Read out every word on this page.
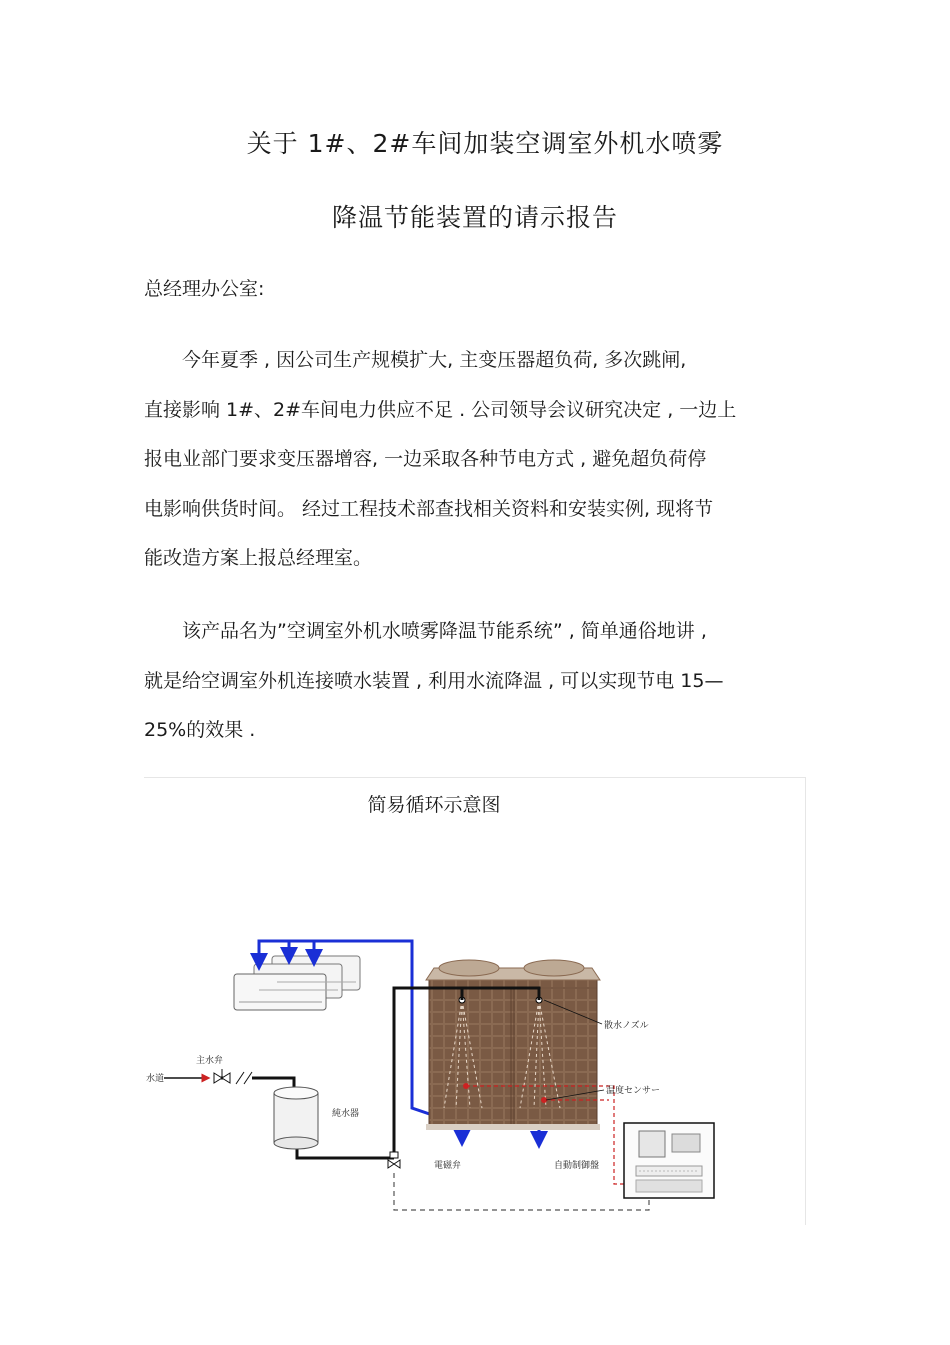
关于 1#、2#车间加装空调室外机水喷雾
降温节能装置的请示报告
总经理办公室:
今年夏季 , 因公司生产规模扩大, 主变压器超负荷, 多次跳闸,
直接影响 1#、2#车间电力供应不足 . 公司领导会议研究决定 , 一边上
报电业部门要求变压器增容, 一边采取各种节电方式 , 避免超负荷停
电影响供货时间。 经过工程技术部查找相关资料和安装实例, 现将节
能改造方案上报总经理室。
该产品名为”空调室外机水喷雾降温节能系统” , 简单通俗地讲 ,
就是给空调室外机连接喷水装置 , 利用水流降温 , 可以实现节电 15—
25%的效果 .
简易循环示意图
主水弁
水道
純水器
電磁弁
散水ノズル
温度センサー
自動制御盤
